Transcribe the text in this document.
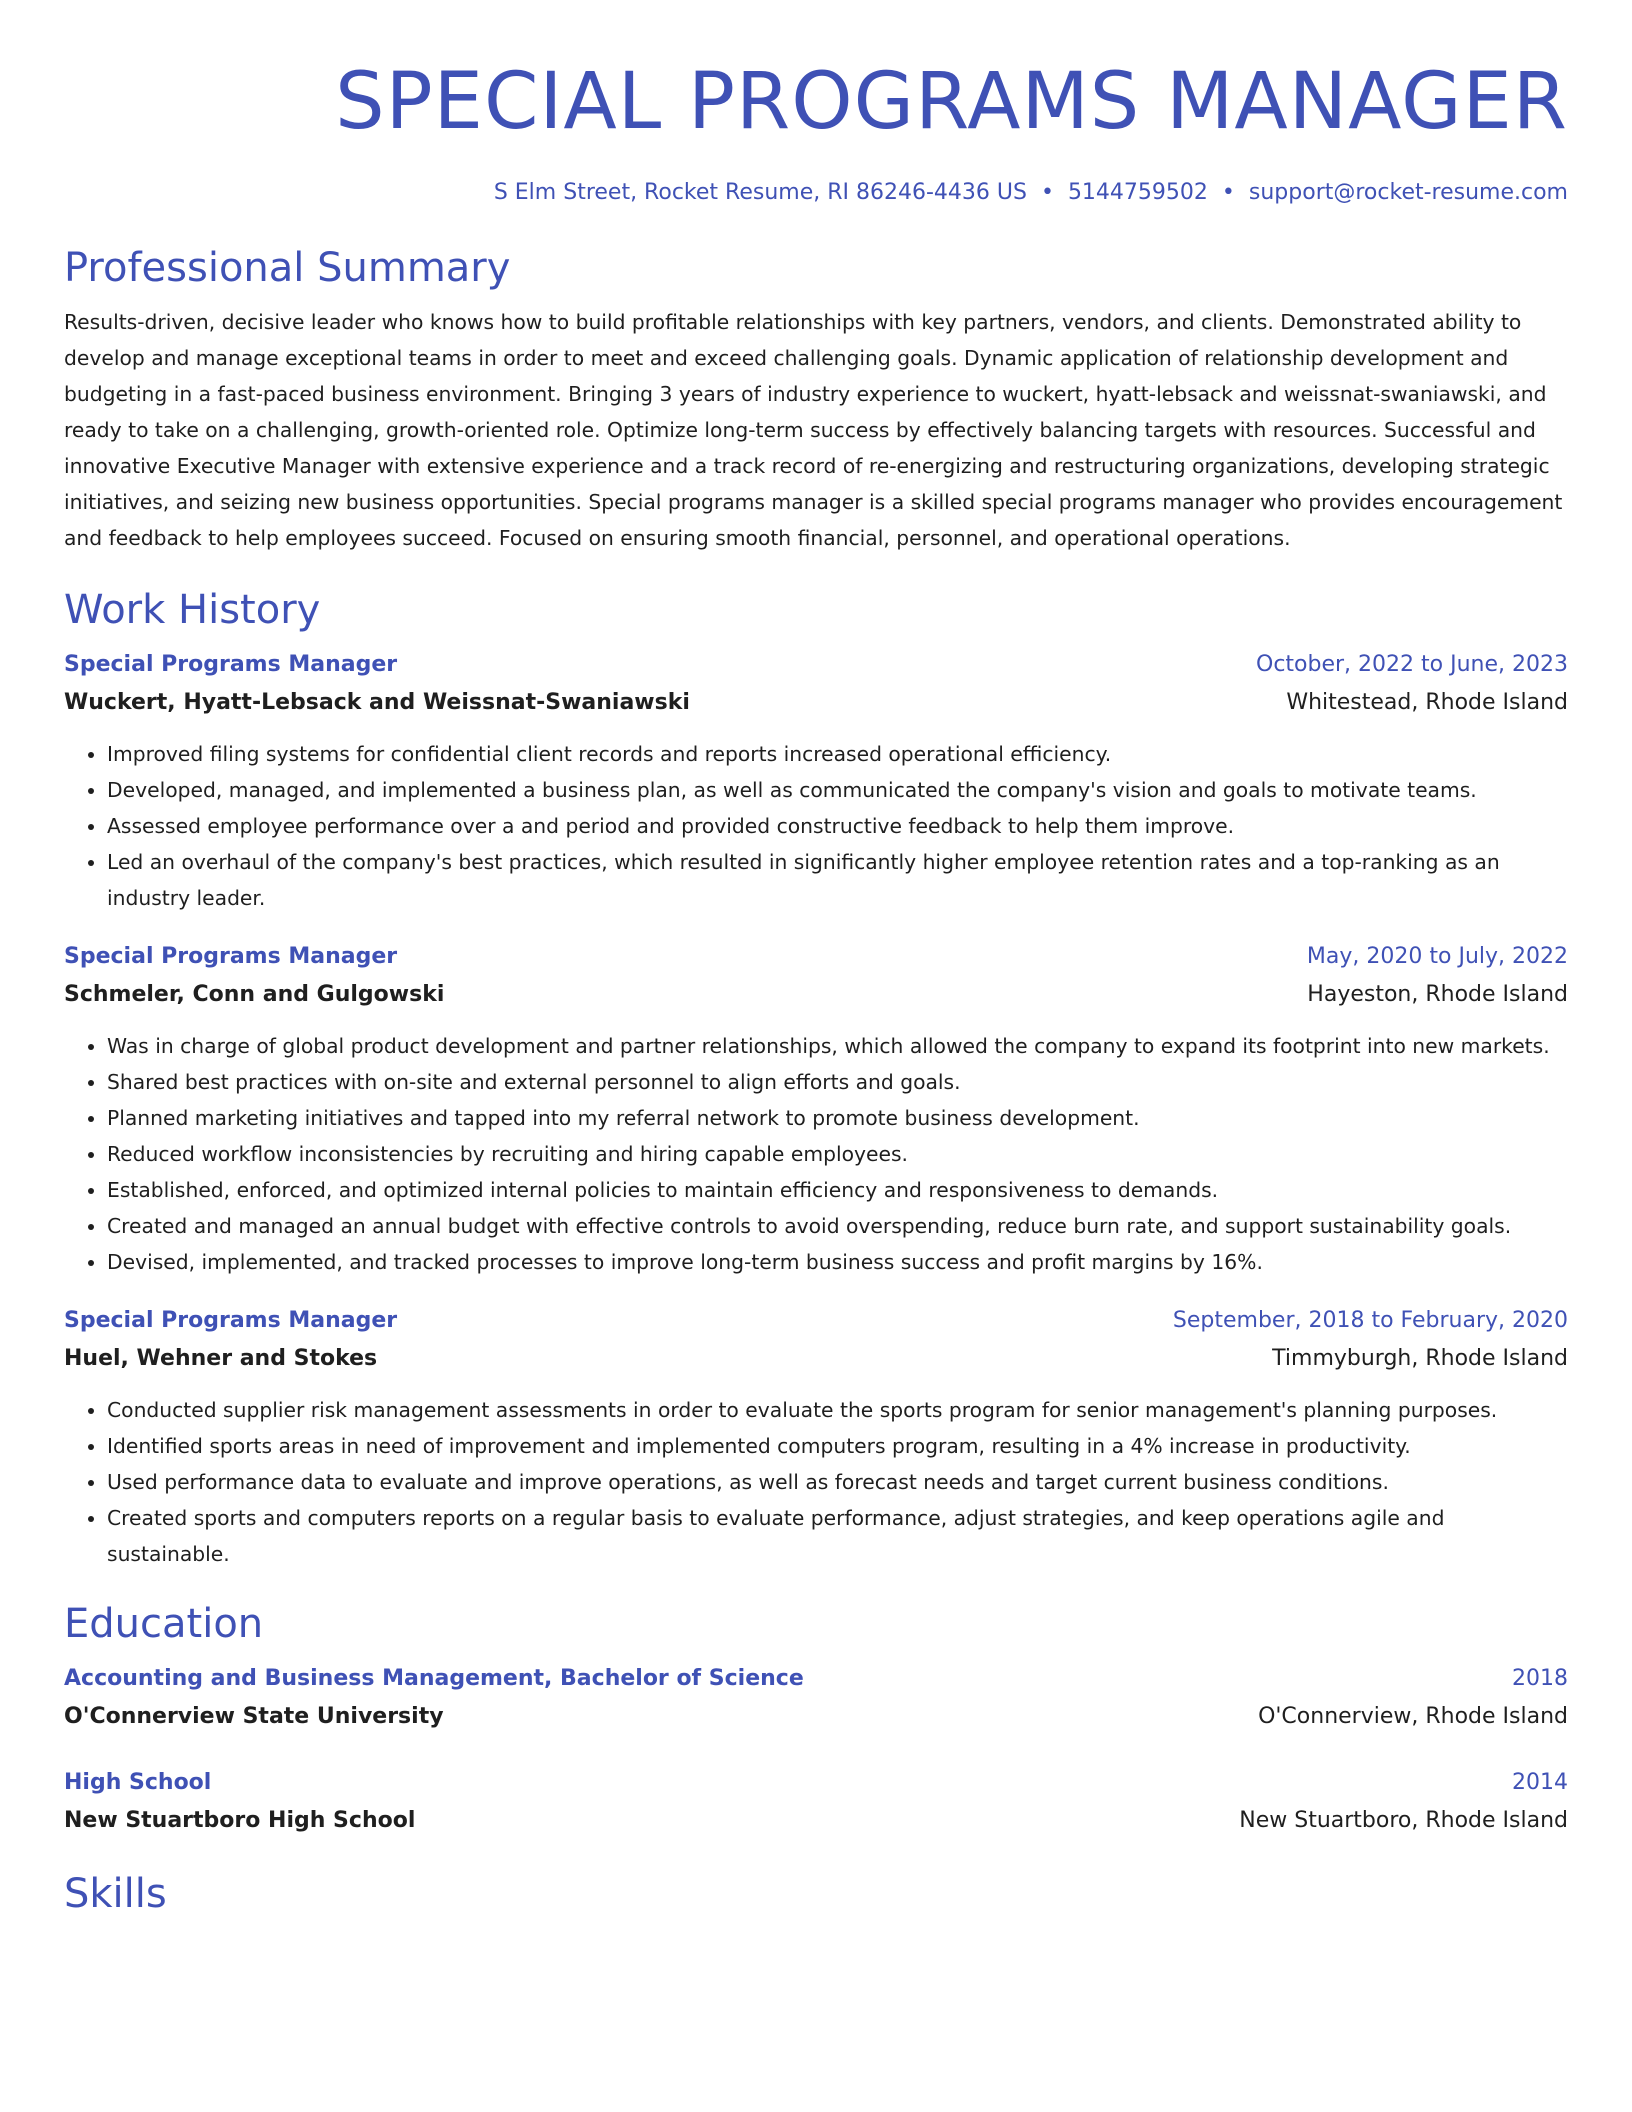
SPECIAL PROGRAMS MANAGER
S Elm Street, Rocket Resume, RI 86246-4436 US • 5144759502 • support@rocket-resume.com
Professional Summary
Results-driven, decisive leader who knows how to build profitable relationships with key partners, vendors, and clients. Demonstrated ability to develop and manage exceptional teams in order to meet and exceed challenging goals. Dynamic application of relationship development and budgeting in a fast-paced business environment. Bringing 3 years of industry experience to wuckert, hyatt-lebsack and weissnat-swaniawski, and ready to take on a challenging, growth-oriented role. Optimize long-term success by effectively balancing targets with resources. Successful and innovative Executive Manager with extensive experience and a track record of re-energizing and restructuring organizations, developing strategic initiatives, and seizing new business opportunities. Special programs manager is a skilled special programs manager who provides encouragement and feedback to help employees succeed. Focused on ensuring smooth financial, personnel, and operational operations.
Work History
Special Programs Manager	October, 2022 to June, 2023
Wuckert, Hyatt-Lebsack and Weissnat-Swaniawski	Whitestead, Rhode Island
• Improved filing systems for confidential client records and reports increased operational efficiency.
• Developed, managed, and implemented a business plan, as well as communicated the company's vision and goals to motivate teams.
• Assessed employee performance over a and period and provided constructive feedback to help them improve.
• Led an overhaul of the company's best practices, which resulted in significantly higher employee retention rates and a top-ranking as an industry leader.
Special Programs Manager	May, 2020 to July, 2022
Schmeler, Conn and Gulgowski	Hayeston, Rhode Island
• Was in charge of global product development and partner relationships, which allowed the company to expand its footprint into new markets.
• Shared best practices with on-site and external personnel to align efforts and goals.
• Planned marketing initiatives and tapped into my referral network to promote business development.
• Reduced workflow inconsistencies by recruiting and hiring capable employees.
• Established, enforced, and optimized internal policies to maintain efficiency and responsiveness to demands.
• Created and managed an annual budget with effective controls to avoid overspending, reduce burn rate, and support sustainability goals.
• Devised, implemented, and tracked processes to improve long-term business success and profit margins by 16%.
Special Programs Manager	September, 2018 to February, 2020
Huel, Wehner and Stokes	Timmyburgh, Rhode Island
• Conducted supplier risk management assessments in order to evaluate the sports program for senior management's planning purposes.
• Identified sports areas in need of improvement and implemented computers program, resulting in a 4% increase in productivity.
• Used performance data to evaluate and improve operations, as well as forecast needs and target current business conditions.
• Created sports and computers reports on a regular basis to evaluate performance, adjust strategies, and keep operations agile and sustainable.
Education
Accounting and Business Management, Bachelor of Science	2018
O'Connerview State University	O'Connerview, Rhode Island
High School	2014
New Stuartboro High School	New Stuartboro, Rhode Island
Skills
